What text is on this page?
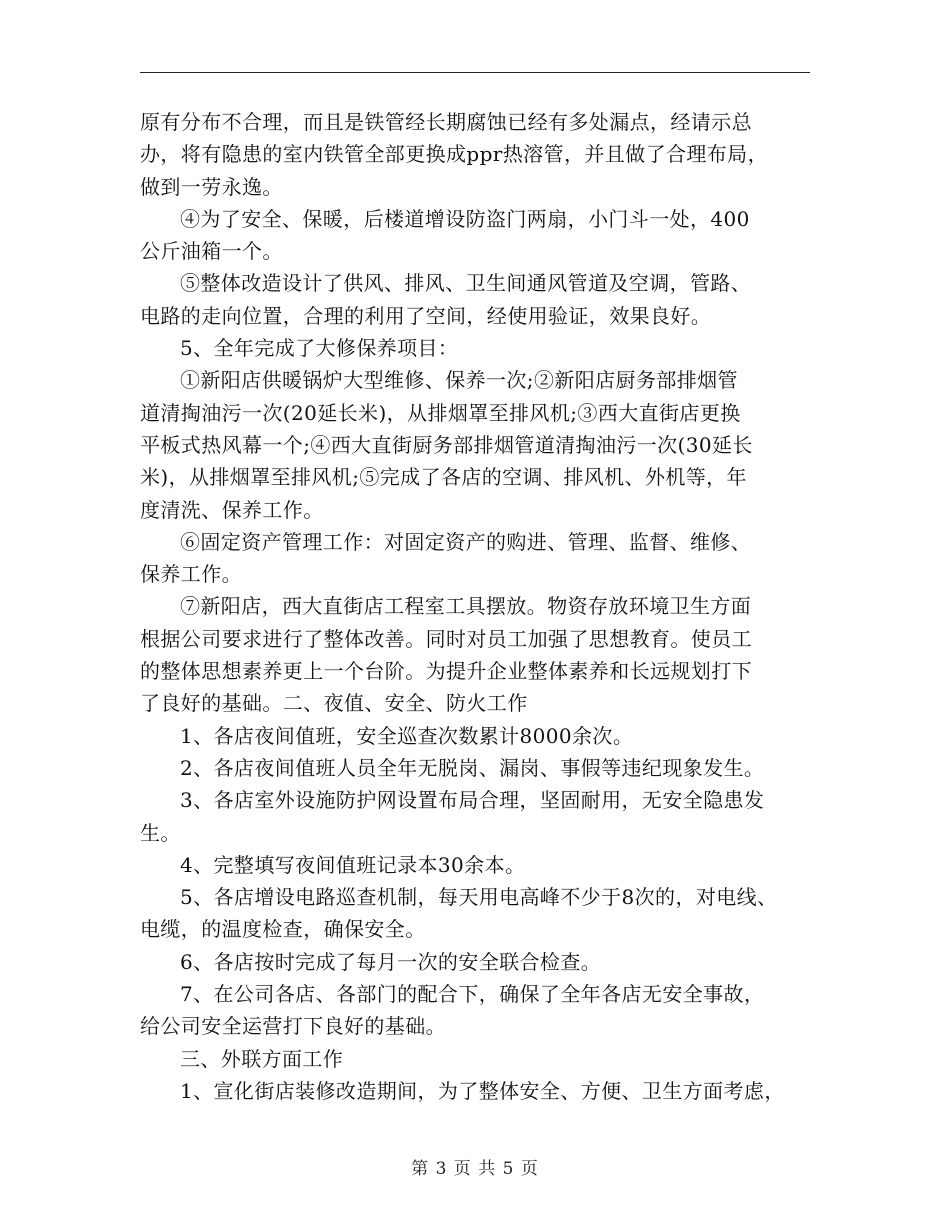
原有分布不合理，而且是铁管经长期腐蚀已经有多处漏点，经请示总
办，将有隐患的室内铁管全部更换成ppr热溶管，并且做了合理布局，
做到一劳永逸。
④为了安全、保暖，后楼道增设防盗门两扇，小门斗一处，400
公斤油箱一个。
⑤整体改造设计了供风、排风、卫生间通风管道及空调，管路、
电路的走向位置，合理的利用了空间，经使用验证，效果良好。
5、全年完成了大修保养项目：
①新阳店供暖锅炉大型维修、保养一次;②新阳店厨务部排烟管
道清掏油污一次(20延长米)，从排烟罩至排风机;③西大直街店更换
平板式热风幕一个;④西大直街厨务部排烟管道清掏油污一次(30延长
米)，从排烟罩至排风机;⑤完成了各店的空调、排风机、外机等，年
度清洗、保养工作。
⑥固定资产管理工作：对固定资产的购进、管理、监督、维修、
保养工作。
⑦新阳店，西大直街店工程室工具摆放。物资存放环境卫生方面
根据公司要求进行了整体改善。同时对员工加强了思想教育。使员工
的整体思想素养更上一个台阶。为提升企业整体素养和长远规划打下
了良好的基础。二、夜值、安全、防火工作
1、各店夜间值班，安全巡查次数累计8000余次。
2、各店夜间值班人员全年无脱岗、漏岗、事假等违纪现象发生。
3、各店室外设施防护网设置布局合理，坚固耐用，无安全隐患发
生。
4、完整填写夜间值班记录本30余本。
5、各店增设电路巡查机制，每天用电高峰不少于8次的，对电线、
电缆，的温度检查，确保安全。
6、各店按时完成了每月一次的安全联合检查。
7、在公司各店、各部门的配合下，确保了全年各店无安全事故，
给公司安全运营打下良好的基础。
三、外联方面工作
1、宣化街店装修改造期间，为了整体安全、方便、卫生方面考虑，
第 3 页 共 5 页
